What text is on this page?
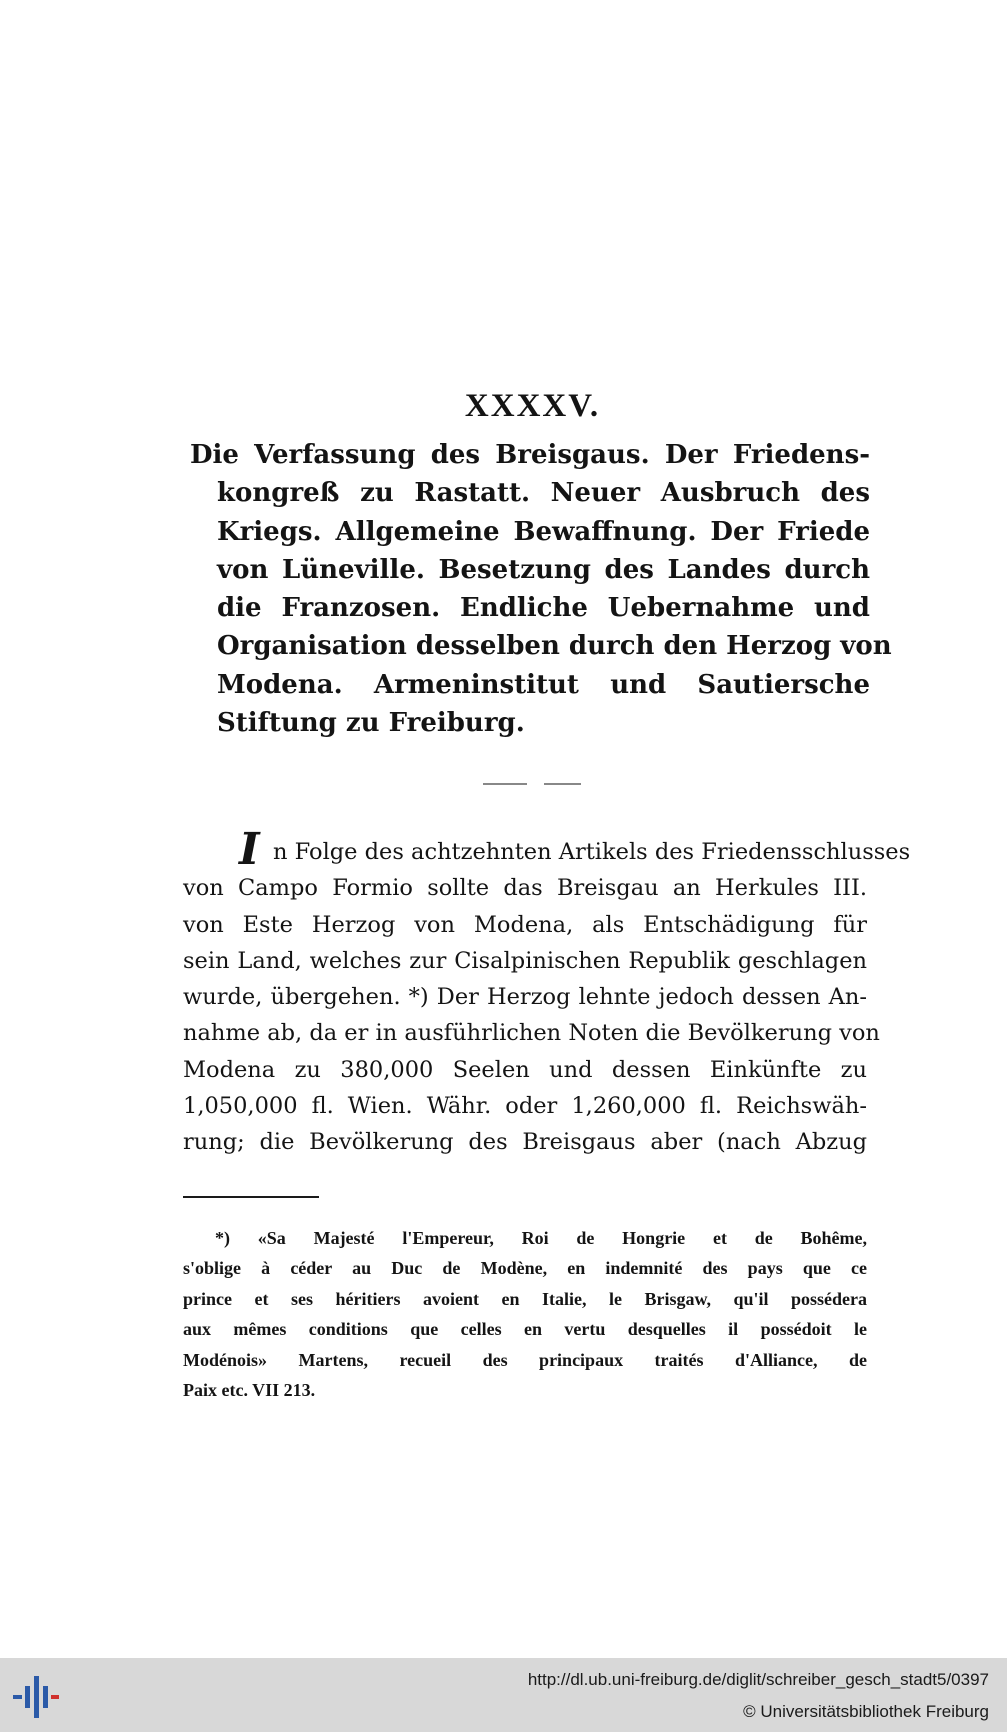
XXXXV.
Die Verfassung des Breisgaus. Der Friedens-
kongreß zu Rastatt. Neuer Ausbruch des
Kriegs. Allgemeine Bewaffnung. Der Friede
von Lüneville. Besetzung des Landes durch
die Franzosen. Endliche Uebernahme und
Organisation desselben durch den Herzog von
Modena. Armeninstitut und Sautiersche
Stiftung zu Freiburg.
I n Folge des achtzehnten Artikels des Friedensschlusses
von Campo Formio sollte das Breisgau an Herkules III.
von Este Herzog von Modena, als Entschädigung für
sein Land, welches zur Cisalpinischen Republik geschlagen
wurde, übergehen. *) Der Herzog lehnte jedoch dessen An-
nahme ab, da er in ausführlichen Noten die Bevölkerung von
Modena zu 380,000 Seelen und dessen Einkünfte zu
1,050,000 fl. Wien. Währ. oder 1,260,000 fl. Reichswäh-
rung; die Bevölkerung des Breisgaus aber (nach Abzug
*) «Sa Majesté l'Empereur, Roi de Hongrie et de Bohême,
s'oblige à céder au Duc de Modène, en indemnité des pays que ce
prince et ses héritiers avoient en Italie, le Brisgaw, qu'il possédera
aux mêmes conditions que celles en vertu desquelles il possédoit le
Modénois» Martens, recueil des principaux traités d'Alliance, de
Paix etc. VII 213.
http://dl.ub.uni-freiburg.de/diglit/schreiber_gesch_stadt5/0397
© Universitätsbibliothek Freiburg
